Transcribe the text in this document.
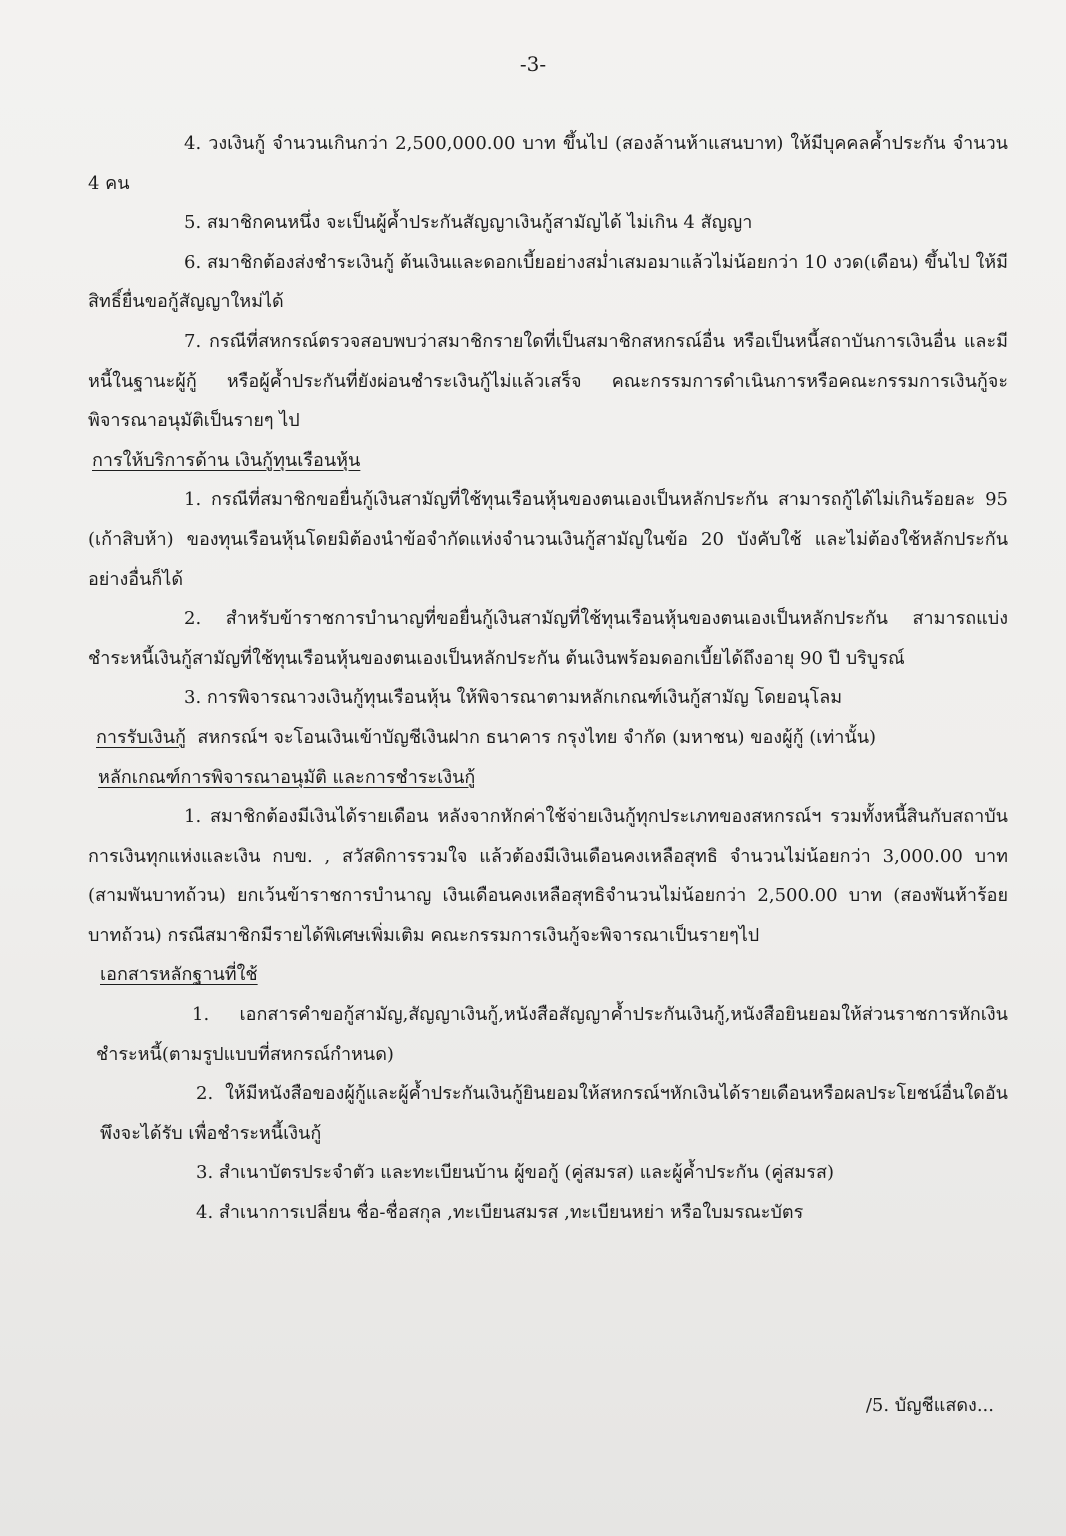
-3-

4. วงเงินกู้ จำนวนเกินกว่า 2,500,000.00 บาท ขึ้นไป (สองล้านห้าแสนบาท) ให้มีบุคคลค้ำประกัน จำนวน 4 คน

5. สมาชิกคนหนึ่ง จะเป็นผู้ค้ำประกันสัญญาเงินกู้สามัญได้ ไม่เกิน 4 สัญญา

6. สมาชิกต้องส่งชำระเงินกู้ ต้นเงินและดอกเบี้ยอย่างสม่ำเสมอมาแล้วไม่น้อยกว่า 10 งวด(เดือน) ขึ้นไป ให้มีสิทธิ์ยื่นขอกู้สัญญาใหม่ได้

7. กรณีที่สหกรณ์ตรวจสอบพบว่าสมาชิกรายใดที่เป็นสมาชิกสหกรณ์อื่น หรือเป็นหนี้สถาบันการเงินอื่น และมีหนี้ในฐานะผู้กู้ หรือผู้ค้ำประกันที่ยังผ่อนชำระเงินกู้ไม่แล้วเสร็จ คณะกรรมการดำเนินการหรือคณะกรรมการเงินกู้จะพิจารณาอนุมัติเป็นรายๆ ไป

การให้บริการด้าน เงินกู้ทุนเรือนหุ้น

1. กรณีที่สมาชิกขอยื่นกู้เงินสามัญที่ใช้ทุนเรือนหุ้นของตนเองเป็นหลักประกัน สามารถกู้ได้ไม่เกินร้อยละ 95 (เก้าสิบห้า) ของทุนเรือนหุ้นโดยมิต้องนำข้อจำกัดแห่งจำนวนเงินกู้สามัญในข้อ 20 บังคับใช้ และไม่ต้องใช้หลักประกันอย่างอื่นก็ได้

2. สำหรับข้าราชการบำนาญที่ขอยื่นกู้เงินสามัญที่ใช้ทุนเรือนหุ้นของตนเองเป็นหลักประกัน สามารถแบ่งชำระหนี้เงินกู้สามัญที่ใช้ทุนเรือนหุ้นของตนเองเป็นหลักประกัน ต้นเงินพร้อมดอกเบี้ยได้ถึงอายุ 90 ปี บริบูรณ์

3. การพิจารณาวงเงินกู้ทุนเรือนหุ้น ให้พิจารณาตามหลักเกณฑ์เงินกู้สามัญ โดยอนุโลม

การรับเงินกู้ สหกรณ์ฯ จะโอนเงินเข้าบัญชีเงินฝาก ธนาคาร กรุงไทย จำกัด (มหาชน) ของผู้กู้ (เท่านั้น)

หลักเกณฑ์การพิจารณาอนุมัติ และการชำระเงินกู้

1. สมาชิกต้องมีเงินได้รายเดือน หลังจากหักค่าใช้จ่ายเงินกู้ทุกประเภทของสหกรณ์ฯ รวมทั้งหนี้สินกับสถาบันการเงินทุกแห่งและเงิน กบข. , สวัสดิการรวมใจ แล้วต้องมีเงินเดือนคงเหลือสุทธิ จำนวนไม่น้อยกว่า 3,000.00 บาท (สามพันบาทถ้วน) ยกเว้นข้าราชการบำนาญ เงินเดือนคงเหลือสุทธิจำนวนไม่น้อยกว่า 2,500.00 บาท (สองพันห้าร้อยบาทถ้วน) กรณีสมาชิกมีรายได้พิเศษเพิ่มเติม คณะกรรมการเงินกู้จะพิจารณาเป็นรายๆไป

เอกสารหลักฐานที่ใช้

1. เอกสารคำขอกู้สามัญ,สัญญาเงินกู้,หนังสือสัญญาค้ำประกันเงินกู้,หนังสือยินยอมให้ส่วนราชการหักเงินชำระหนี้(ตามรูปแบบที่สหกรณ์กำหนด)

2. ให้มีหนังสือของผู้กู้และผู้ค้ำประกันเงินกู้ยินยอมให้สหกรณ์ฯหักเงินได้รายเดือนหรือผลประโยชน์อื่นใดอันพึงจะได้รับ เพื่อชำระหนี้เงินกู้

3. สำเนาบัตรประจำตัว และทะเบียนบ้าน ผู้ขอกู้ (คู่สมรส) และผู้ค้ำประกัน (คู่สมรส)

4. สำเนาการเปลี่ยน ชื่อ-ชื่อสกุล ,ทะเบียนสมรส ,ทะเบียนหย่า หรือใบมรณะบัตร

/5. บัญชีแสดง...
